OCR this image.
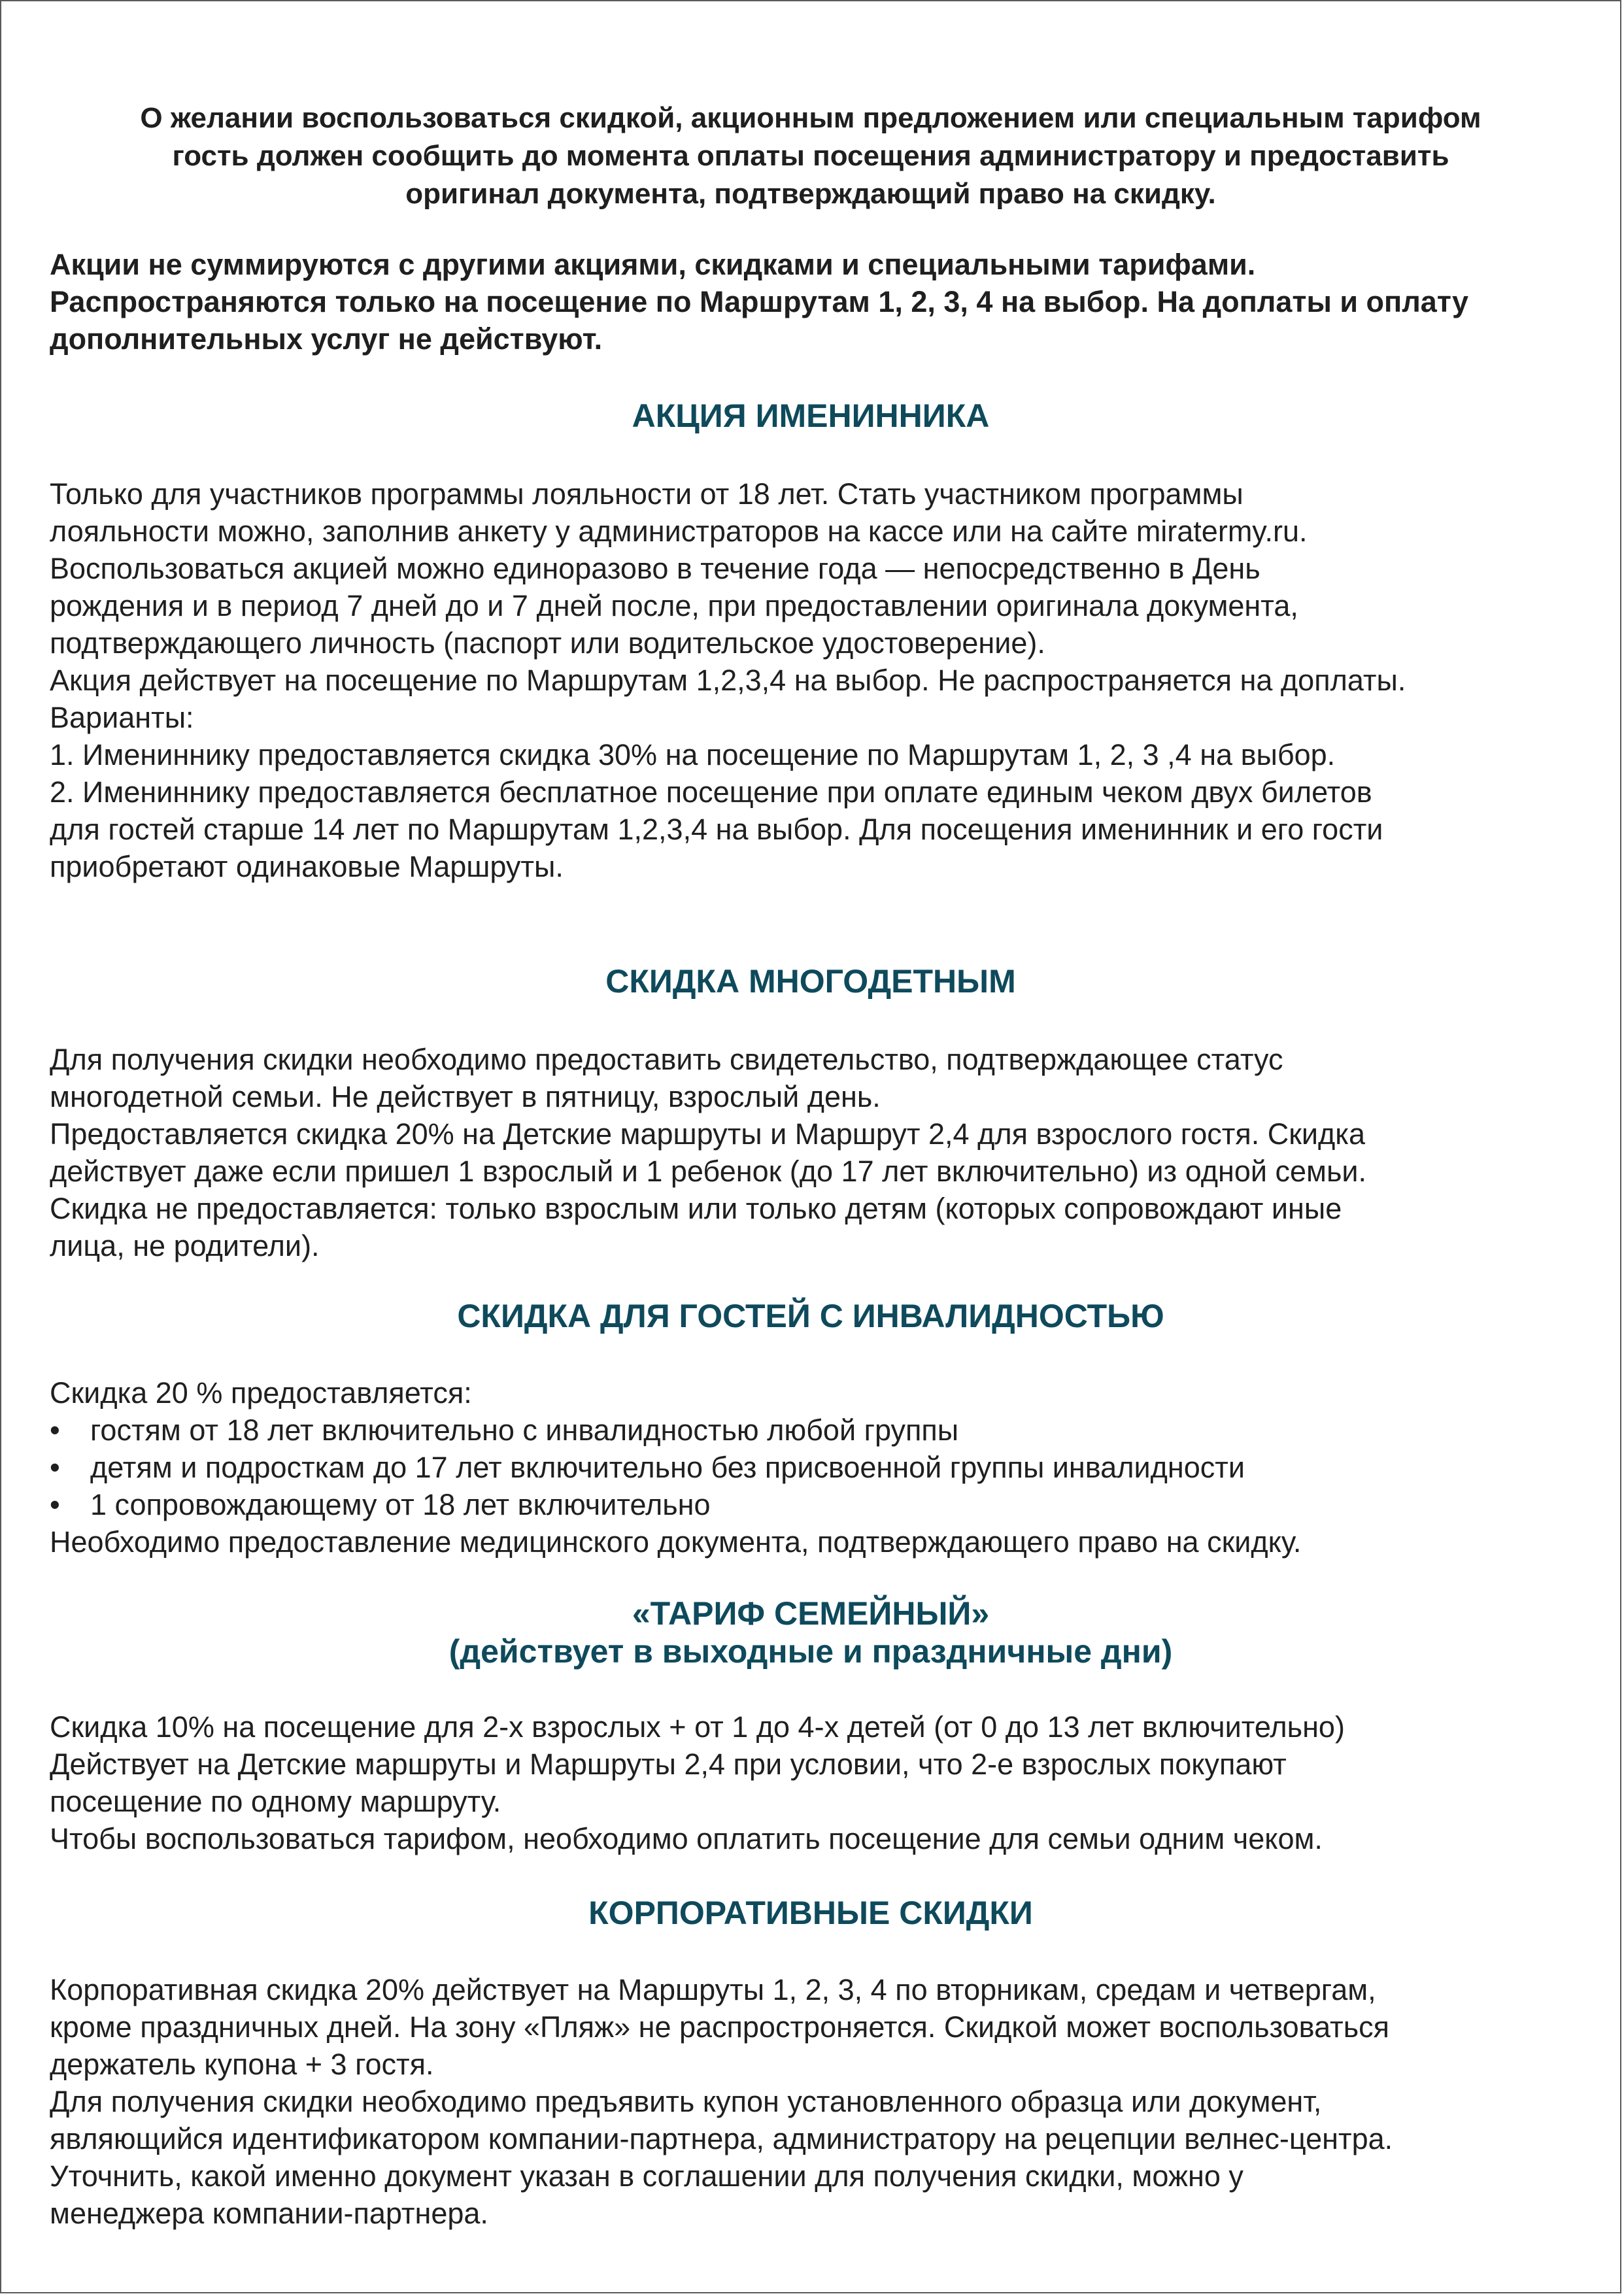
О желании воспользоваться скидкой, акционным предложением или специальным тарифом

гость должен сообщить до момента оплаты посещения администратору и предоставить

оригинал документа, подтверждающий право на скидку.

Акции не суммируются с другими акциями, скидками и специальными тарифами.

Распространяются только на посещение по Маршрутам 1, 2, 3, 4 на выбор. На доплаты и оплату

дополнительных услуг не действуют.

АКЦИЯ ИМЕНИННИКА

Только для участников программы лояльности от 18 лет. Стать участником программы

лояльности можно, заполнив анкету у администраторов на кассе или на сайте miratermy.ru.

Воспользоваться акцией можно единоразово в течение года — непосредственно в День

рождения и в период 7 дней до и 7 дней после, при предоставлении оригинала документа,

подтверждающего личность (паспорт или водительское удостоверение).

Акция действует на посещение по Маршрутам 1,2,3,4 на выбор. Не распространяется на доплаты.

Варианты:

1. Имениннику предоставляется скидка 30% на посещение по Маршрутам 1, 2, 3 ,4 на выбор.

2. Имениннику предоставляется бесплатное посещение при оплате единым чеком двух билетов

для гостей старше 14 лет по Маршрутам 1,2,3,4 на выбор. Для посещения именинник и его гости

приобретают одинаковые Маршруты.

СКИДКА МНОГОДЕТНЫМ

Для получения скидки необходимо предоставить свидетельство, подтверждающее статус

многодетной семьи. Не действует в пятницу, взрослый день.

Предоставляется скидка 20% на Детские маршруты и Маршрут 2,4 для взрослого гостя. Скидка

действует даже если пришел 1 взрослый и 1 ребенок (до 17 лет включительно) из одной семьи.

Скидка не предоставляется: только взрослым или только детям (которых сопровождают иные

лица, не родители).

СКИДКА ДЛЯ ГОСТЕЙ С ИНВАЛИДНОСТЬЮ

Скидка 20 % предоставляется:

•	гостям от 18 лет включительно с инвалидностью любой группы
•	детям и подросткам до 17 лет включительно без присвоенной группы инвалидности
•	1 сопровождающему от 18 лет включительно

Необходимо предоставление медицинского документа, подтверждающего право на скидку.

«ТАРИФ СЕМЕЙНЫЙ»
(действует в выходные и праздничные дни)

Скидка 10% на посещение для 2-х взрослых + от 1 до 4-х детей (от 0 до 13 лет включительно)

Действует на Детские маршруты и Маршруты 2,4 при условии, что 2-е взрослых покупают

посещение по одному маршруту.

Чтобы воспользоваться тарифом, необходимо оплатить посещение для семьи одним чеком.

КОРПОРАТИВНЫЕ СКИДКИ

Корпоративная скидка 20% действует на Маршруты 1, 2, 3, 4 по вторникам, средам и четвергам,

кроме праздничных дней. На зону «Пляж» не распростроняется. Скидкой может воспользоваться

держатель купона + 3 гостя.

Для получения скидки необходимо предъявить купон установленного образца или документ,

являющийся идентификатором компании-партнера, администратору на рецепции велнес-центра.

Уточнить, какой именно документ указан в соглашении для получения скидки, можно у

менеджера компании-партнера.
